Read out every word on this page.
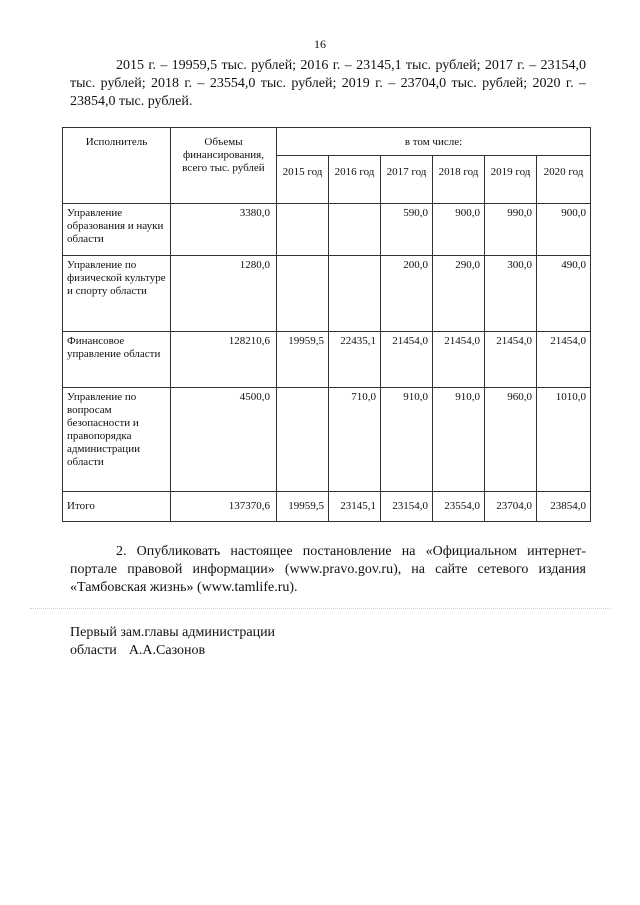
16

2015 г. – 19959,5 тыс. рублей; 2016 г. – 23145,1 тыс. рублей; 2017 г. – 23154,0 тыс. рублей; 2018 г. – 23554,0 тыс. рублей; 2019 г. – 23704,0 тыс. рублей; 2020 г. – 23854,0 тыс. рублей.

Исполнитель	Объемы финансирования, всего тыс. рублей	в том числе:					
		2015 год	2016 год	2017 год	2018 год	2019 год	2020 год
Управление образования и науки области	3380,0			590,0	900,0	990,0	900,0
Управление по физической культуре и спорту области	1280,0			200,0	290,0	300,0	490,0
Финансовое управление области	128210,6	19959,5	22435,1	21454,0	21454,0	21454,0	21454,0
Управление по вопросам безопасности и правопорядка администрации области	4500,0		710,0	910,0	910,0	960,0	1010,0
Итого	137370,6	19959,5	23145,1	23154,0	23554,0	23704,0	23854,0

2. Опубликовать настоящее постановление на «Официальном интернет-портале правовой информации» (www.pravo.gov.ru), на сайте сетевого издания «Тамбовская жизнь» (www.tamlife.ru).

Первый зам.главы администрации
области А.А.Сазонов
